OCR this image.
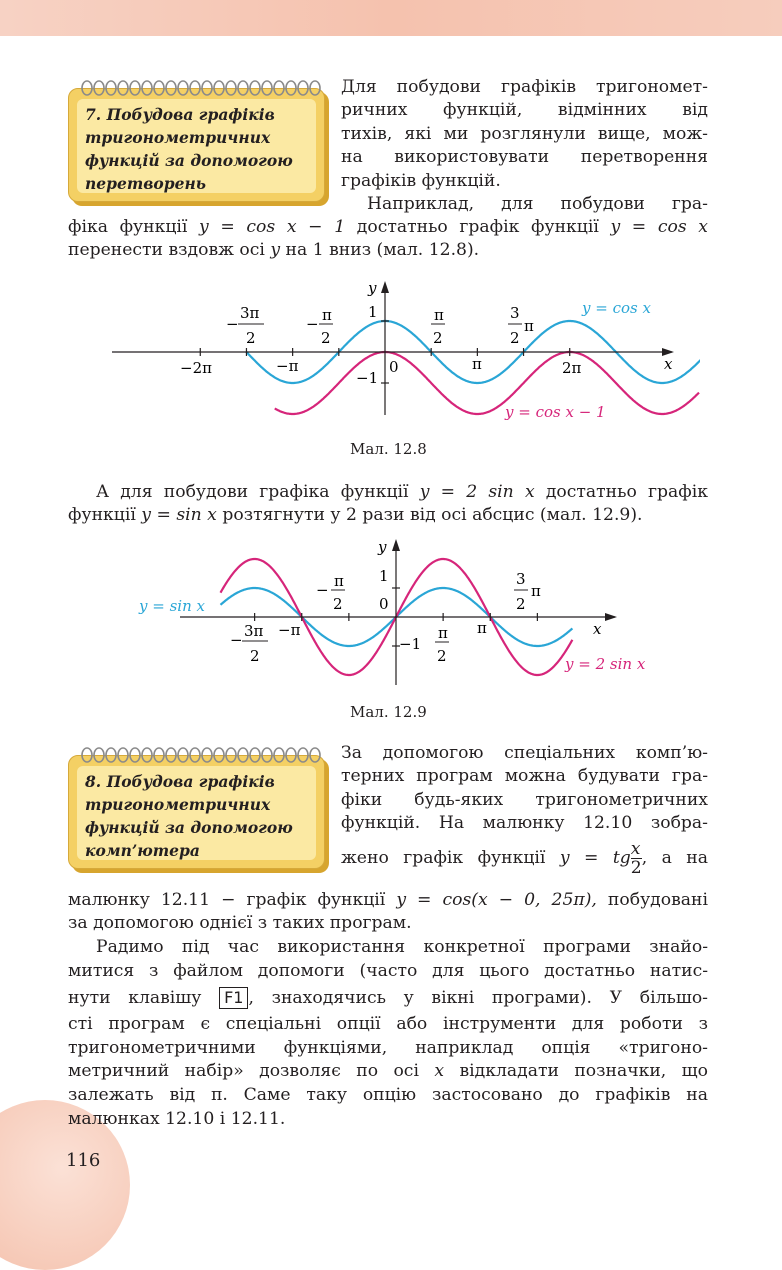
7. Побудова графіків
тригонометричних
функцій за допомогою
перетворень
Для побудови графіків тригономет-
ричних функцій, відмінних від
тихів, які ми розглянули вище, мож-
на використовувати перетворення
графіків функцій.
Наприклад, для побудови гра-
фіка функції y = cos x − 1 достатньо графік функції y = cos x
перенести вздовж осі y на 1 вниз (мал. 12.8).
y
x
−
3π
2
− π
2
1	π
2
3
2
π
−2π	−π
−1
0	π	2π
y = cos x
y = cos x − 1
Мал. 12.8
А для побудови графіка функції y = 2 sin x достатньо графік
функції y = sin x розтягнути у 2 рази від осі абсцис (мал. 12.9).
y
x
1
0
−1
− π
2
3
2
π
− 3π
2
−π	π
2
π
y = sin x
y = 2 sin x
Мал. 12.9
8. Побудова графіків
тригонометричних
функцій за допомогою
комп’ютера
За допомогою спеціальних комп’ю-
терних програм можна будувати гра-
фіки будь-яких тригонометричних
функцій. На малюнку 12.10 зобра-
жено графік функції y = tg $\frac{x}{2}$ , а на
малюнку 12.11 − графік функції y = cos(x − 0, 25π), побудовані
за допомогою однієї з таких програм.
Радимо під час використання конкретної програми знайо-
митися з файлом допомоги (часто для цього достатньо натис-
нути клавішу F1 , знаходячись у вікні програми). У більшо-
сті програм є спеціальні опції або інструменти для роботи з
тригонометричними функціями, наприклад опція «тригоно-
метричний набір» дозволяє по осі x відкладати позначки, що
залежать від π. Саме таку опцію застосовано до графіків на
малюнках 12.10 і 12.11.
116
